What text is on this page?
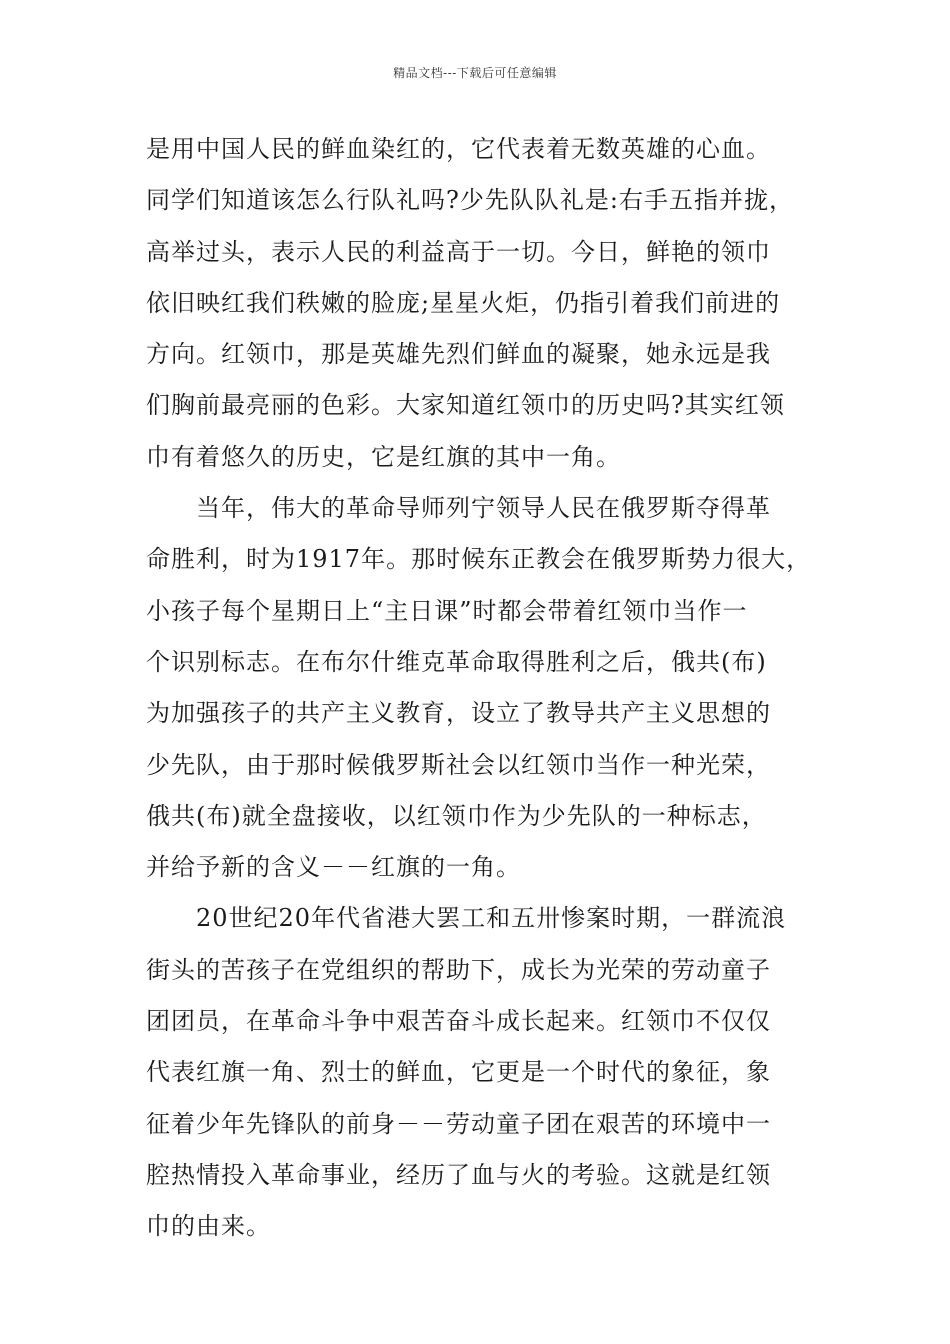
精品文档---下载后可任意编辑

是用中国人民的鲜血染红的，它代表着无数英雄的心血。
同学们知道该怎么行队礼吗?少先队队礼是:右手五指并拢，
高举过头，表示人民的利益高于一切。今日，鲜艳的领巾
依旧映红我们秩嫩的脸庞;星星火炬，仍指引着我们前进的
方向。红领巾，那是英雄先烈们鲜血的凝聚，她永远是我
们胸前最亮丽的色彩。大家知道红领巾的历史吗?其实红领
巾有着悠久的历史，它是红旗的其中一角。

当年，伟大的革命导师列宁领导人民在俄罗斯夺得革
命胜利，时为1917年。那时候东正教会在俄罗斯势力很大，
小孩子每个星期日上“主日课”时都会带着红领巾当作一
个识别标志。在布尔什维克革命取得胜利之后，俄共(布)
为加强孩子的共产主义教育，设立了教导共产主义思想的
少先队，由于那时候俄罗斯社会以红领巾当作一种光荣，
俄共(布)就全盘接收，以红领巾作为少先队的一种标志，
并给予新的含义－－红旗的一角。

20世纪20年代省港大罢工和五卅惨案时期，一群流浪
街头的苦孩子在党组织的帮助下，成长为光荣的劳动童子
团团员，在革命斗争中艰苦奋斗成长起来。红领巾不仅仅
代表红旗一角、烈士的鲜血，它更是一个时代的象征，象
征着少年先锋队的前身－－劳动童子团在艰苦的环境中一
腔热情投入革命事业，经历了血与火的考验。这就是红领
巾的由来。
